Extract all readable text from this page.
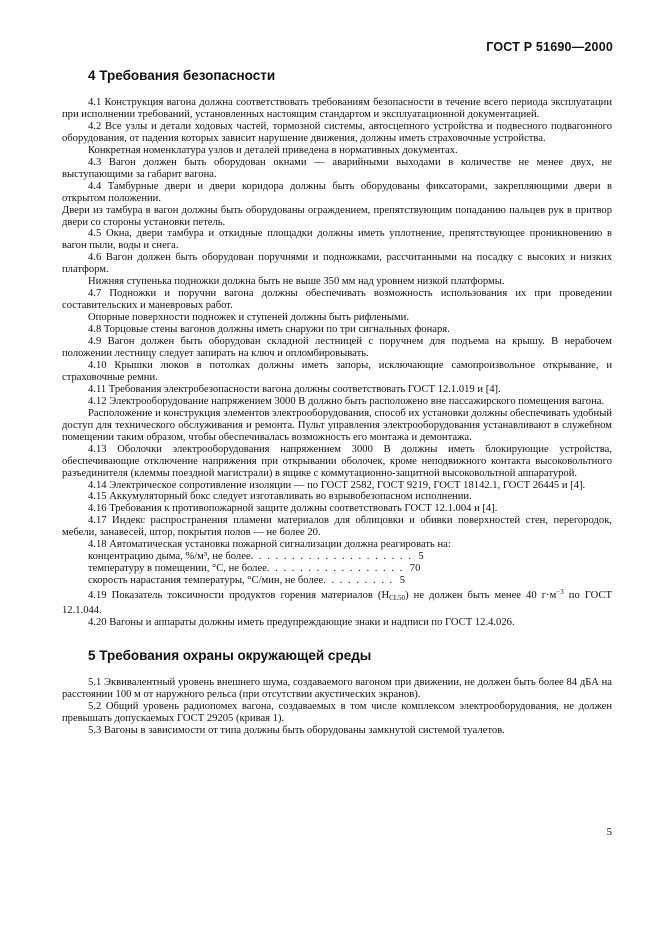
ГОСТ Р 51690—2000
4 Требования безопасности

4.1 Конструкция вагона должна соответствовать требованиям безопасности в течение всего периода эксплуатации при исполнении требований, установленных настоящим стандартом и эксплуатационной документацией.

4.2 Все узлы и детали ходовых частей, тормозной системы, автосцепного устройства и подвесного подвагонного оборудования, от падения которых зависит нарушение движения, должны иметь страховочные устройства.

Конкретная номенклатура узлов и деталей приведена в нормативных документах.

4.3 Вагон должен быть оборудован окнами — аварийными выходами в количестве не менее двух, не выступающими за габарит вагона.

4.4 Тамбурные двери и двери коридора должны быть оборудованы фиксаторами, закрепляющими двери в открытом положении.

Двери из тамбура в вагон должны быть оборудованы ограждением, препятствующим попаданию пальцев рук в притвор двери со стороны установки петель.

4.5 Окна, двери тамбура и откидные площадки должны иметь уплотнение, препятствующее проникновению в вагон пыли, воды и снега.

4.6 Вагон должен быть оборудован поручнями и подножками, рассчитанными на посадку с высоких и низких платформ.

Нижняя ступенька подножки должна быть не выше 350 мм над уровнем низкой платформы.

4.7 Подножки и поручни вагона должны обеспечивать возможность использования их при проведении составительских и маневровых работ.

Опорные поверхности подножек и ступеней должны быть рифлеными.

4.8 Торцовые стены вагонов должны иметь снаружи по три сигнальных фонаря.

4.9 Вагон должен быть оборудован складной лестницей с поручнем для подъема на крышу. В нерабочем положении лестницу следует запирать на ключ и опломбировывать.

4.10 Крышки люков в потолках должны иметь запоры, исключающие самопроизвольное открывание, и страховочные ремни.

4.11 Требования электробезопасности вагона должны соответствовать ГОСТ 12.1.019 и [4].

4.12 Электрооборудование напряжением 3000 В должно быть расположено вне пассажирского помещения вагона.

Расположение и конструкция элементов электрооборудования, способ их установки должны обеспечивать удобный доступ для технического обслуживания и ремонта. Пульт управления электрооборудования устанавливают в служебном помещении таким образом, чтобы обеспечивалась возможность его монтажа и демонтажа.

4.13 Оболочки электрооборудования напряжением 3000 В должны иметь блокирующие устройства, обеспечивающие отключение напряжения при открывании оболочек, кроме неподвижного контакта высоковольтного разъединителя (клеммы поездной магистрали) в ящике с коммутационно-защитной высоковольтной аппаратурой.

4.14 Электрическое сопротивление изоляции — по ГОСТ 2582, ГОСТ 9219, ГОСТ 18142.1, ГОСТ 26445 и [4].

4.15 Аккумуляторный бокс следует изготавливать во взрывобезопасном исполнении.

4.16 Требования к противопожарной защите должны соответствовать ГОСТ 12.1.004 и [4].

4.17 Индекс распространения пламени материалов для облицовки и обивки поверхностей стен, перегородок, мебели, занавесей, штор, покрытия полов — не более 20.

4.18 Автоматическая установка пожарной сигнализации должна реагировать на:

концентрацию дыма, %/м³, не более . . . . . . . . . . . . . . . . . . . . 5
температуру в помещении, °С, не более . . . . . . . . . . . . . . . . . 70
скорость нарастания температуры, °С/мин, не более . . . . . . . . . 5

4.19 Показатель токсичности продуктов горения материалов $(H_{CL50})$ не должен быть менее 40 $г\cdot м^{-3}$ по ГОСТ 12.1.044.

4.20 Вагоны и аппараты должны иметь предупреждающие знаки и надписи по ГОСТ 12.4.026.

5 Требования охраны окружающей среды

5.1 Эквивалентный уровень внешнего шума, создаваемого вагоном при движении, не должен быть более 84 дБА на расстоянии 100 м от наружного рельса (при отсутствии акустических экранов).

5.2 Общий уровень радиопомех вагона, создаваемых в том числе комплексом электрооборудования, не должен превышать допускаемых ГОСТ 29205 (кривая 1).

5.3 Вагоны в зависимости от типа должны быть оборудованы замкнутой системой туалетов.

5
